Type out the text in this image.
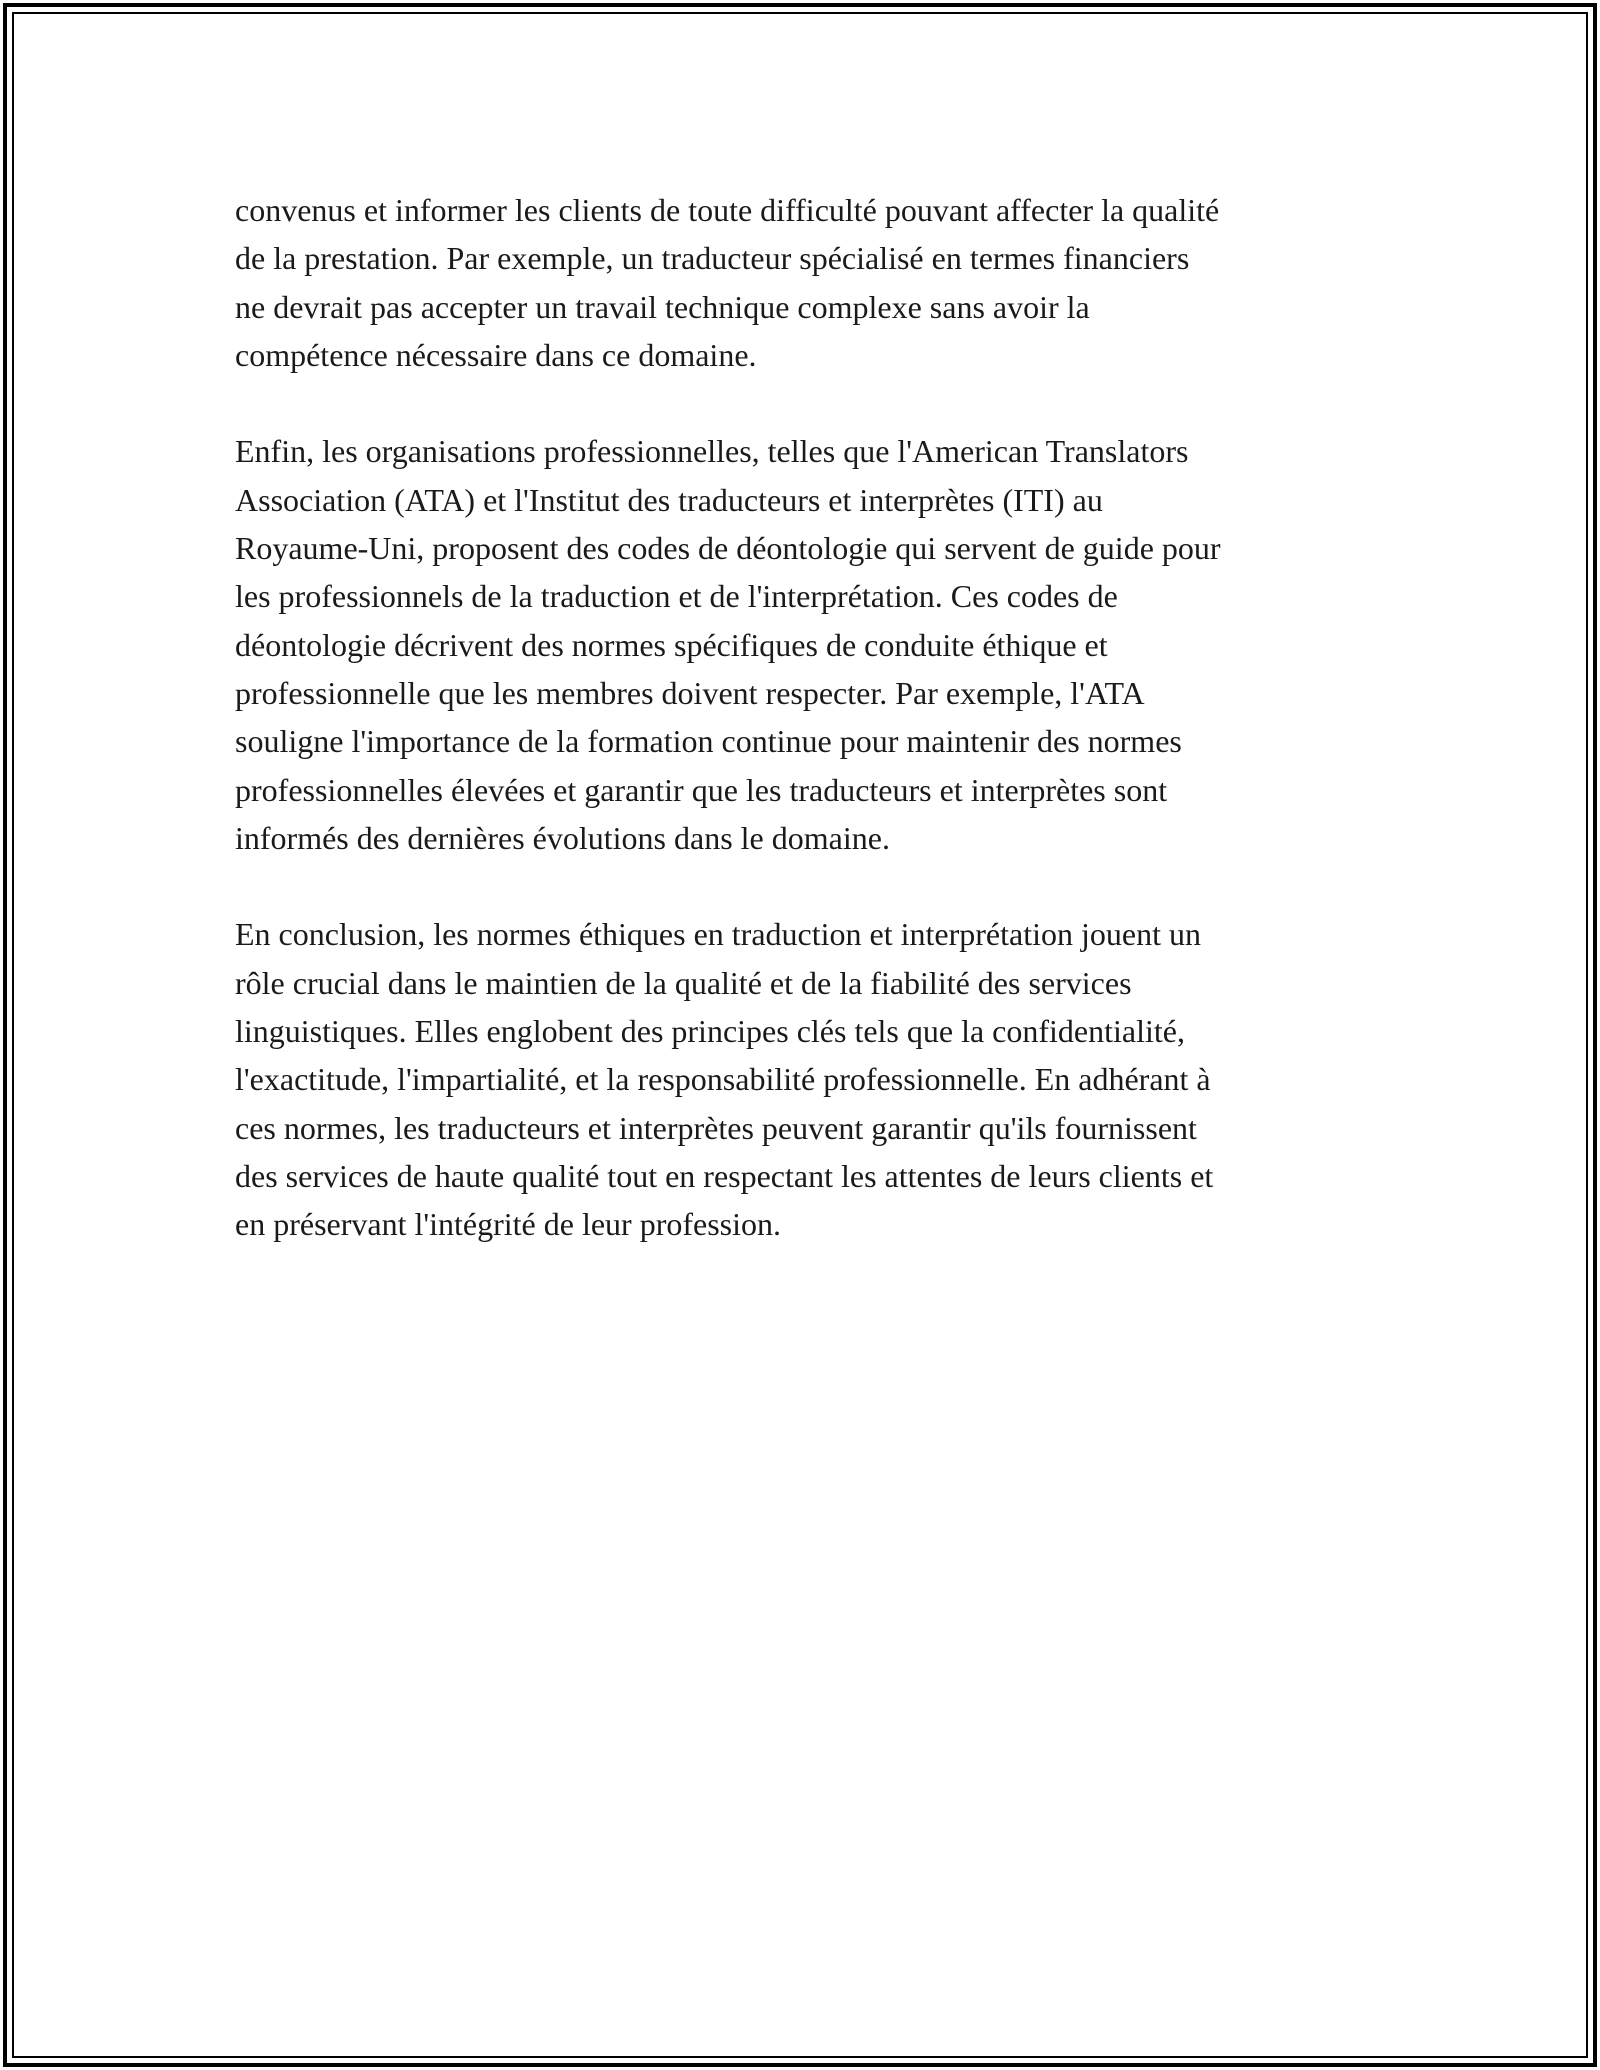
convenus et informer les clients de toute difficulté pouvant affecter la qualité
de la prestation. Par exemple, un traducteur spécialisé en termes financiers
ne devrait pas accepter un travail technique complexe sans avoir la
compétence nécessaire dans ce domaine.

Enfin, les organisations professionnelles, telles que l'American Translators
Association (ATA) et l'Institut des traducteurs et interprètes (ITI) au
Royaume-Uni, proposent des codes de déontologie qui servent de guide pour
les professionnels de la traduction et de l'interprétation. Ces codes de
déontologie décrivent des normes spécifiques de conduite éthique et
professionnelle que les membres doivent respecter. Par exemple, l'ATA
souligne l'importance de la formation continue pour maintenir des normes
professionnelles élevées et garantir que les traducteurs et interprètes sont
informés des dernières évolutions dans le domaine.

En conclusion, les normes éthiques en traduction et interprétation jouent un
rôle crucial dans le maintien de la qualité et de la fiabilité des services
linguistiques. Elles englobent des principes clés tels que la confidentialité,
l'exactitude, l'impartialité, et la responsabilité professionnelle. En adhérant à
ces normes, les traducteurs et interprètes peuvent garantir qu'ils fournissent
des services de haute qualité tout en respectant les attentes de leurs clients et
en préservant l'intégrité de leur profession.
